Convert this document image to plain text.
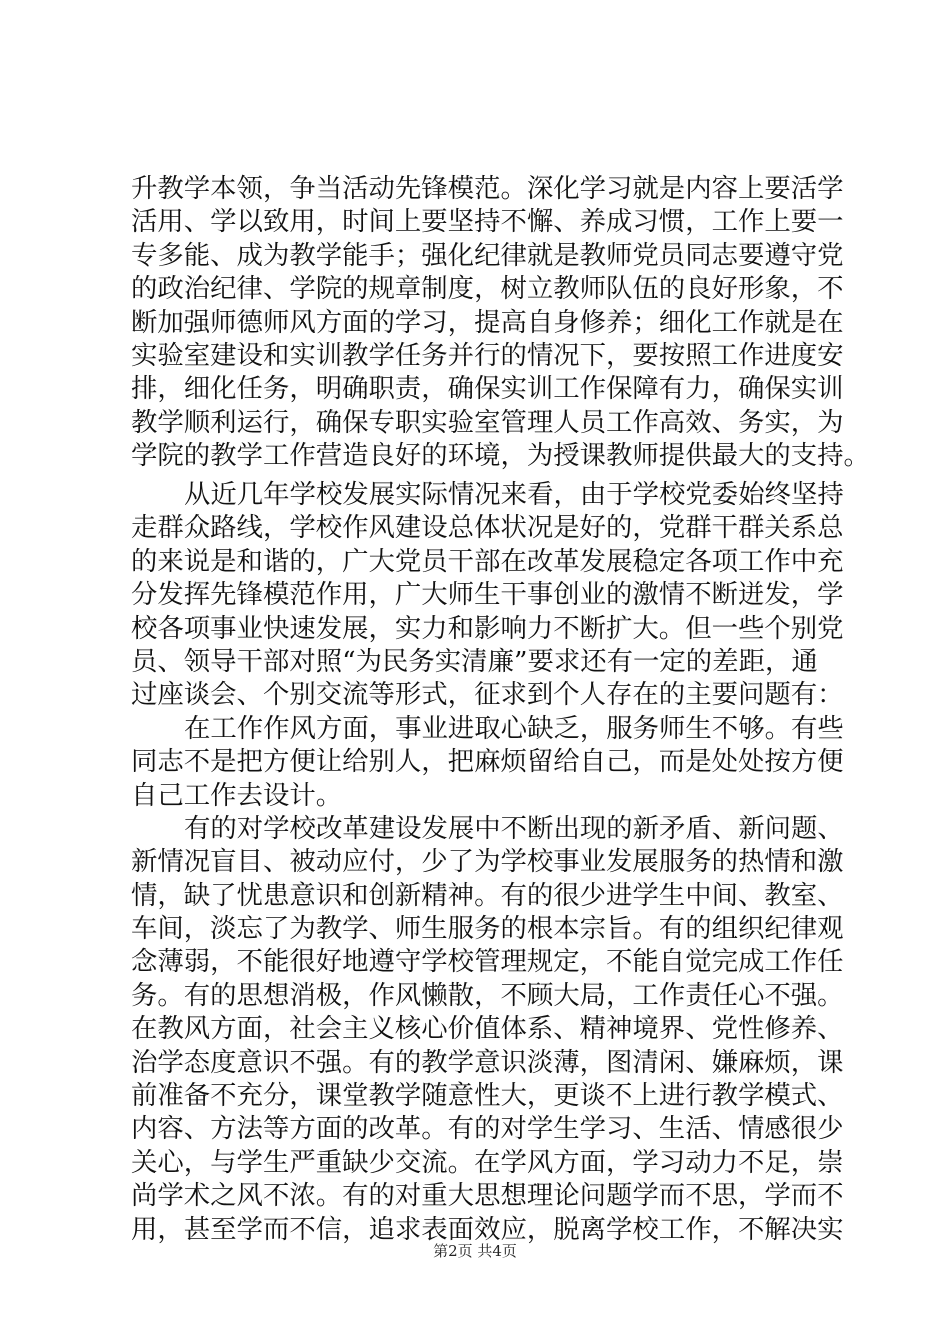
升教学本领，争当活动先锋模范。深化学习就是内容上要活学
活用、学以致用，时间上要坚持不懈、养成习惯，工作上要一
专多能、成为教学能手；强化纪律就是教师党员同志要遵守党
的政治纪律、学院的规章制度，树立教师队伍的良好形象，不
断加强师德师风方面的学习，提高自身修养；细化工作就是在
实验室建设和实训教学任务并行的情况下，要按照工作进度安
排，细化任务，明确职责，确保实训工作保障有力，确保实训
教学顺利运行，确保专职实验室管理人员工作高效、务实，为
学院的教学工作营造良好的环境，为授课教师提供最大的支持。
从近几年学校发展实际情况来看，由于学校党委始终坚持
走群众路线，学校作风建设总体状况是好的，党群干群关系总
的来说是和谐的，广大党员干部在改革发展稳定各项工作中充
分发挥先锋模范作用，广大师生干事创业的激情不断迸发，学
校各项事业快速发展，实力和影响力不断扩大。但一些个别党
员、领导干部对照“为民务实清廉”要求还有一定的差距，通
过座谈会、个别交流等形式，征求到个人存在的主要问题有：
在工作作风方面，事业进取心缺乏，服务师生不够。有些
同志不是把方便让给别人，把麻烦留给自己，而是处处按方便
自己工作去设计。
有的对学校改革建设发展中不断出现的新矛盾、新问题、
新情况盲目、被动应付，少了为学校事业发展服务的热情和激
情，缺了忧患意识和创新精神。有的很少进学生中间、教室、
车间，淡忘了为教学、师生服务的根本宗旨。有的组织纪律观
念薄弱，不能很好地遵守学校管理规定，不能自觉完成工作任
务。有的思想消极，作风懒散，不顾大局，工作责任心不强。
在教风方面，社会主义核心价值体系、精神境界、党性修养、
治学态度意识不强。有的教学意识淡薄，图清闲、嫌麻烦，课
前准备不充分，课堂教学随意性大，更谈不上进行教学模式、
内容、方法等方面的改革。有的对学生学习、生活、情感很少
关心，与学生严重缺少交流。在学风方面，学习动力不足，崇
尚学术之风不浓。有的对重大思想理论问题学而不思，学而不
用，甚至学而不信，追求表面效应，脱离学校工作，不解决实
第2页 共4页
